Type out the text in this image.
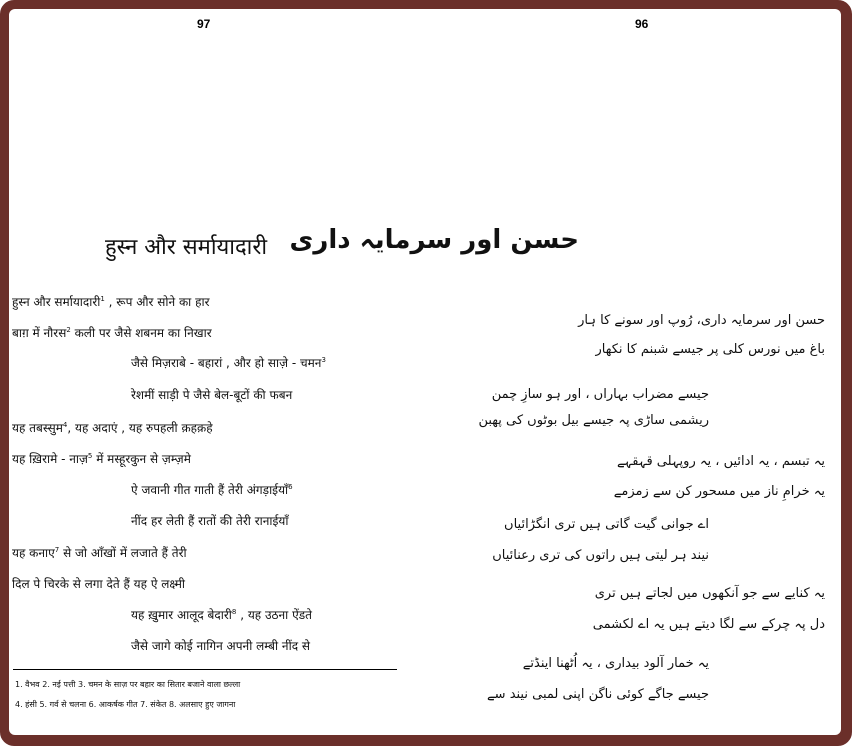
97	96
हुस्न और सर्मायादारी
हुस्न और सर्मायादारी$^1$ , रूप और सोने का हार
बाग़ में नौरस$^2$ कली पर जैसे शबनम का निखार
जैसे मिज़राबे - बहारां , और हो साज़े - चमन$^3$
रेशमीं साड़ी पे जैसे बेल-बूटों की फबन
यह तबस्सुम$^4$, यह अदाएं , यह रुपहली क़हक़हे
यह ख़िरामे - नाज़$^5$ में मस्हूरकुन से ज़म्ज़मे
ऐ जवानी गीत गाती हैं तेरी अंगड़ाईयाँ$^6$
नींद हर लेती हैं रातों की तेरी रानाईयाँ
यह कनाए$^7$ से जो आँखों में लजाते हैं तेरी
दिल पे चिरके से लगा देते हैं यह ऐ लक्ष्मी
यह ख़ुमार आलूद बेदारी$^8$ , यह उठना ऐंडते
जैसे जागे कोई नागिन अपनी लम्बी नींद से
1. वैभव 2. नई पत्ती 3. चमन के साज़ पर बहार का सितार बजाने वाला छल्ला
4. हंसी 5. गर्व से चलना 6. आकर्षक गीत 7. संकेत 8. अलसाए हुए जागना
حسن اور سرمایہ داری
حسن اور سرمایہ داری، رُوپ اور سونے کا ہار
باغ میں نورس کلی پر جیسے شبنم کا نکھار
جیسے مضراب بہاراں ، اور ہو سازِ چمن
ریشمی ساڑی پہ جیسے بیل بوٹوں کی پھبن
یہ تبسم ، یہ ادائیں ، یہ روپہلی قہقہے
یہ خرامِ ناز میں مسحور کن سے زمزمے
اے جوانی گیت گاتی ہیں تری انگڑائیاں
نیند ہر لیتی ہیں راتوں کی تری رعنائیاں
یہ کنایے سے جو آنکھوں میں لجاتے ہیں تری
دل پہ چرکے سے لگا دیتے ہیں یہ اے لکشمی
یہ خمار آلود بیداری ، یہ اُٹھنا اینڈتے
جیسے جاگے کوئی ناگن اپنی لمبی نیند سے
